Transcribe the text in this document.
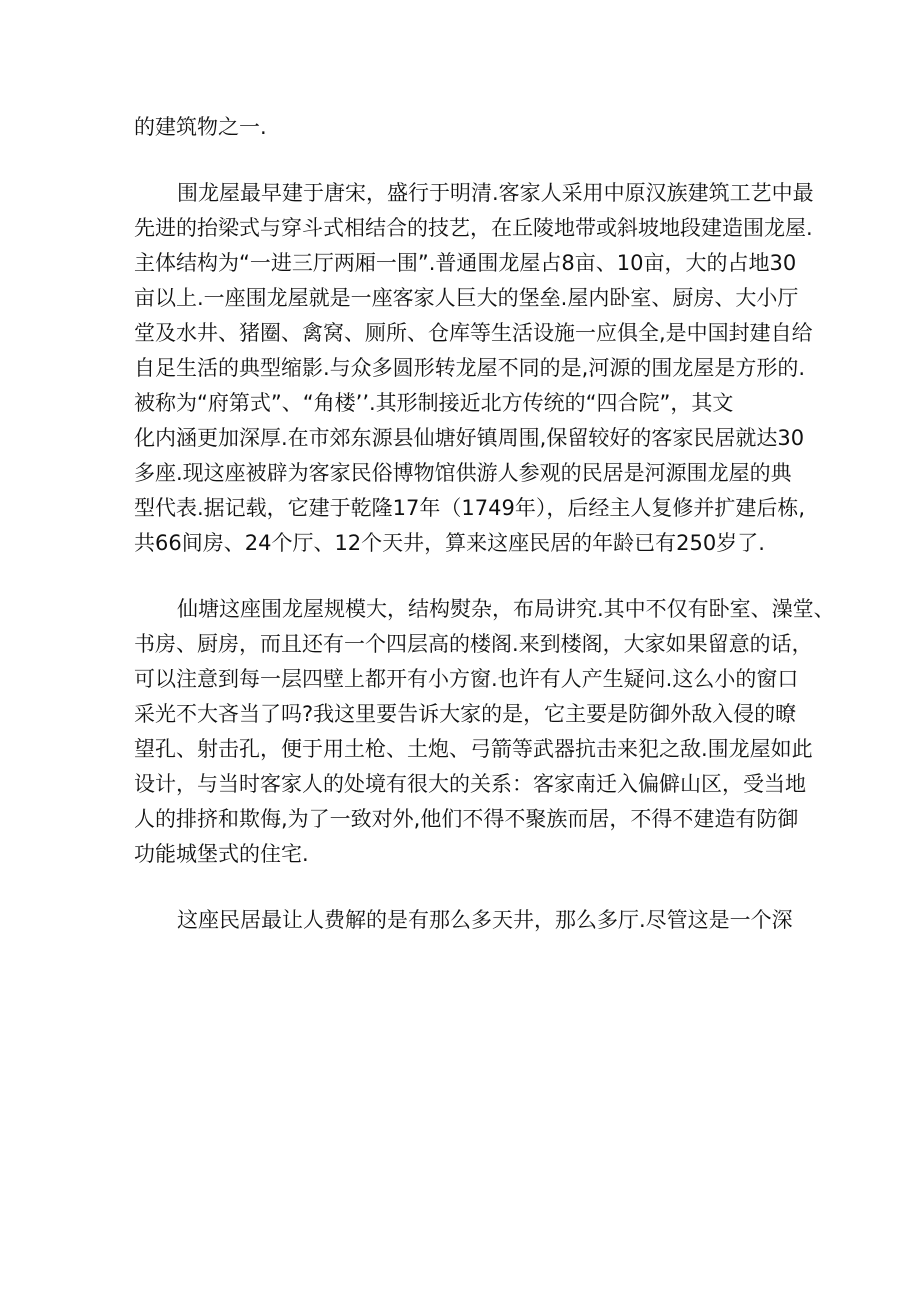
的建筑物之一.
围龙屋最早建于唐宋，盛行于明清.客家人采用中原汉族建筑工艺中最
先进的抬梁式与穿斗式相结合的技艺，在丘陵地带或斜坡地段建造围龙屋.
主体结构为“一进三厅两厢一围”.普通围龙屋占8亩、10亩，大的占地30
亩以上.一座围龙屋就是一座客家人巨大的堡垒.屋内卧室、厨房、大小厅
堂及水井、猪圈、禽窝、厕所、仓库等生活设施一应俱全,是中国封建自给
自足生活的典型缩影.与众多圆形转龙屋不同的是,河源的围龙屋是方形的.
被称为“府第式”、“角楼’’.其形制接近北方传统的“四合院”，其文
化内涵更加深厚.在市郊东源县仙塘好镇周围,保留较好的客家民居就达30
多座.现这座被辟为客家民俗博物馆供游人参观的民居是河源围龙屋的典
型代表.据记载，它建于乾隆17年（1749年），后经主人复修并扩建后栋,
共66间房、24个厅、12个天井，算来这座民居的年龄已有250岁了.
仙塘这座围龙屋规模大，结构熨杂，布局讲究.其中不仅有卧室、澡堂、
书房、厨房，而且还有一个四层高的楼阁.来到楼阁，大家如果留意的话，
可以注意到每一层四壁上都开有小方窗.也许有人产生疑问.这么小的窗口
采光不大吝当了吗?我这里要告诉大家的是，它主要是防御外敌入侵的暸
望孔、射击孔，便于用土枪、土炮、弓箭等武器抗击来犯之敌.围龙屋如此
设计，与当时客家人的处境有很大的关系：客家南迁入偏僻山区，受当地
人的排挤和欺侮,为了一致对外,他们不得不聚族而居，不得不建造有防御
功能城堡式的住宅.
这座民居最让人费解的是有那么多天井，那么多厅.尽管这是一个深
